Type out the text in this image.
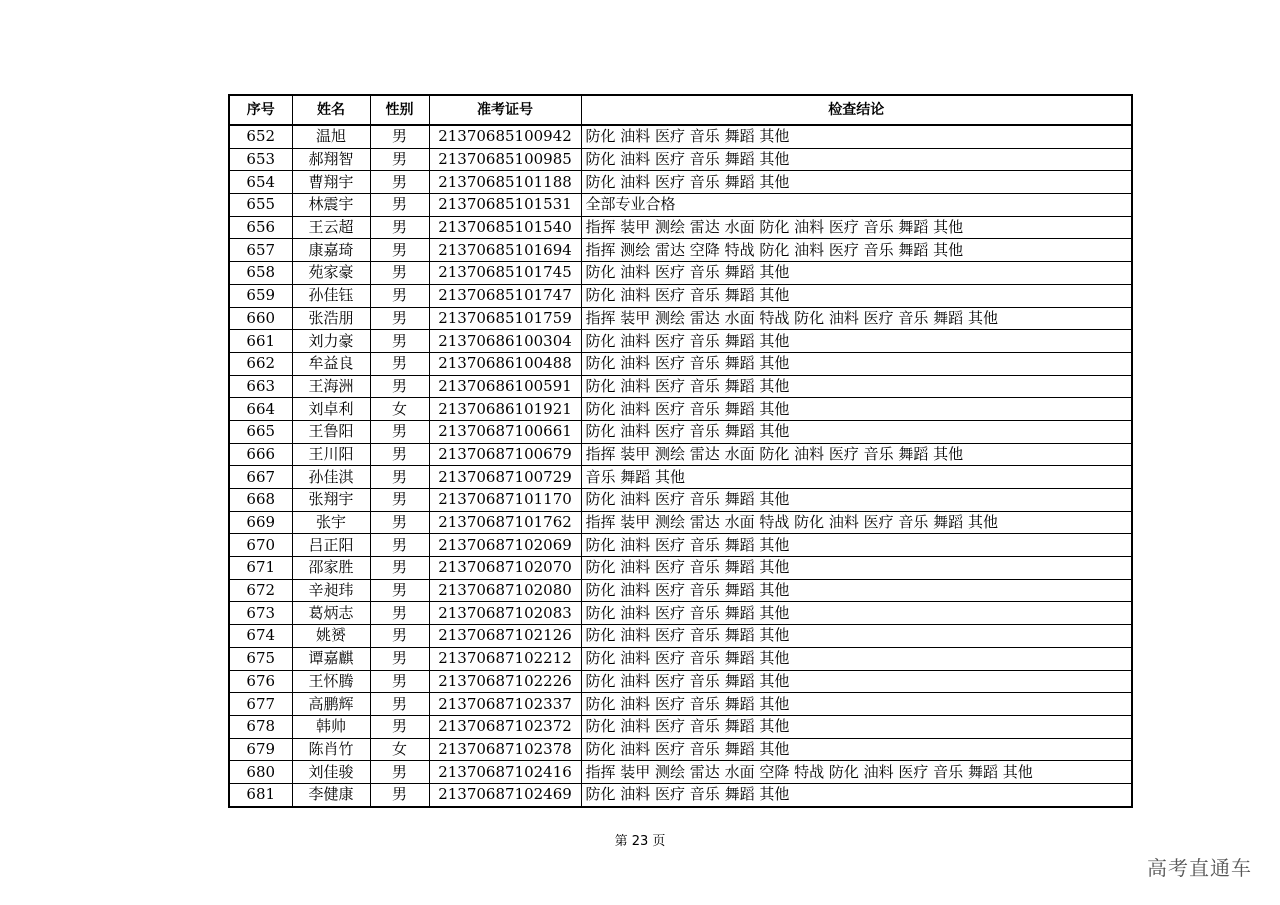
序号	姓名	性别	准考证号	检查结论
652	温旭	男	21370685100942	防化 油料 医疗 音乐 舞蹈 其他
653	郝翔智	男	21370685100985	防化 油料 医疗 音乐 舞蹈 其他
654	曹翔宇	男	21370685101188	防化 油料 医疗 音乐 舞蹈 其他
655	林震宇	男	21370685101531	全部专业合格
656	王云超	男	21370685101540	指挥 装甲 测绘 雷达 水面 防化 油料 医疗 音乐 舞蹈 其他
657	康嘉琦	男	21370685101694	指挥 测绘 雷达 空降 特战 防化 油料 医疗 音乐 舞蹈 其他
658	苑家豪	男	21370685101745	防化 油料 医疗 音乐 舞蹈 其他
659	孙佳钰	男	21370685101747	防化 油料 医疗 音乐 舞蹈 其他
660	张浩朋	男	21370685101759	指挥 装甲 测绘 雷达 水面 特战 防化 油料 医疗 音乐 舞蹈 其他
661	刘力豪	男	21370686100304	防化 油料 医疗 音乐 舞蹈 其他
662	牟益良	男	21370686100488	防化 油料 医疗 音乐 舞蹈 其他
663	王海洲	男	21370686100591	防化 油料 医疗 音乐 舞蹈 其他
664	刘卓利	女	21370686101921	防化 油料 医疗 音乐 舞蹈 其他
665	王鲁阳	男	21370687100661	防化 油料 医疗 音乐 舞蹈 其他
666	王川阳	男	21370687100679	指挥 装甲 测绘 雷达 水面 防化 油料 医疗 音乐 舞蹈 其他
667	孙佳淇	男	21370687100729	音乐 舞蹈 其他
668	张翔宇	男	21370687101170	防化 油料 医疗 音乐 舞蹈 其他
669	张宇	男	21370687101762	指挥 装甲 测绘 雷达 水面 特战 防化 油料 医疗 音乐 舞蹈 其他
670	吕正阳	男	21370687102069	防化 油料 医疗 音乐 舞蹈 其他
671	邵家胜	男	21370687102070	防化 油料 医疗 音乐 舞蹈 其他
672	辛昶玮	男	21370687102080	防化 油料 医疗 音乐 舞蹈 其他
673	葛炳志	男	21370687102083	防化 油料 医疗 音乐 舞蹈 其他
674	姚赟	男	21370687102126	防化 油料 医疗 音乐 舞蹈 其他
675	谭嘉麒	男	21370687102212	防化 油料 医疗 音乐 舞蹈 其他
676	王怀腾	男	21370687102226	防化 油料 医疗 音乐 舞蹈 其他
677	高鹏辉	男	21370687102337	防化 油料 医疗 音乐 舞蹈 其他
678	韩帅	男	21370687102372	防化 油料 医疗 音乐 舞蹈 其他
679	陈肖竹	女	21370687102378	防化 油料 医疗 音乐 舞蹈 其他
680	刘佳骏	男	21370687102416	指挥 装甲 测绘 雷达 水面 空降 特战 防化 油料 医疗 音乐 舞蹈 其他
681	李健康	男	21370687102469	防化 油料 医疗 音乐 舞蹈 其他
第 23 页
高考直通车
